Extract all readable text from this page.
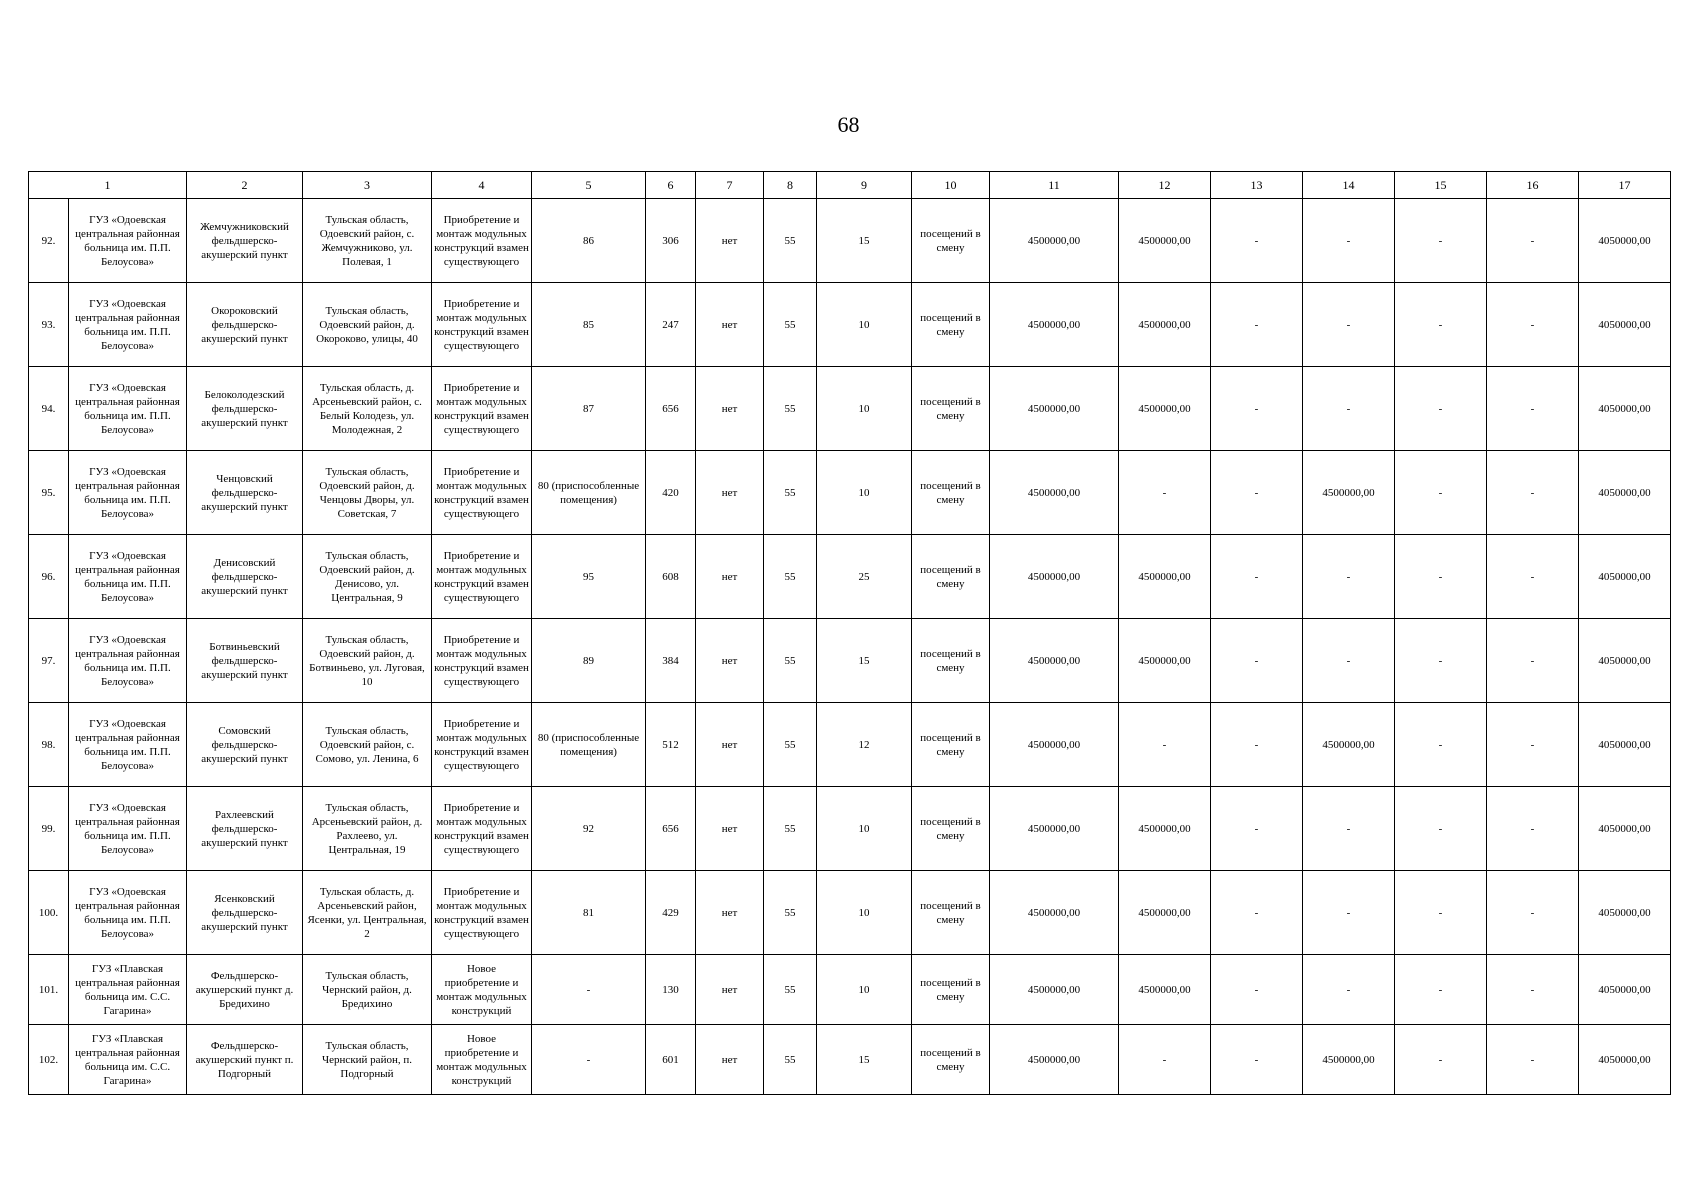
68
1		2	3	4	5	6	7	8	9	10	11	12	13	14	15	16	17
92.	ГУЗ «Одоевская центральная районная больница им. П.П. Белоусова»	Жемчужниковский фельдшерско-акушерский пункт	Тульская область, Одоевский район, с. Жемчужниково, ул. Полевая, 1	Приобретение и монтаж модульных конструкций взамен существующего	86	306	нет	55	15	посещений в смену	4500000,00	4500000,00	-	-	-	-	4050000,00
93.	ГУЗ «Одоевская центральная районная больница им. П.П. Белоусова»	Окороковский фельдшерско-акушерский пункт	Тульская область, Одоевский район, д. Окороково, улицы, 40	Приобретение и монтаж модульных конструкций взамен существующего	85	247	нет	55	10	посещений в смену	4500000,00	4500000,00	-	-	-	-	4050000,00
94.	ГУЗ «Одоевская центральная районная больница им. П.П. Белоусова»	Белоколодезский фельдшерско-акушерский пункт	Тульская область, д. Арсеньевский район, с. Белый Колодезь, ул. Молодежная, 2	Приобретение и монтаж модульных конструкций взамен существующего	87	656	нет	55	10	посещений в смену	4500000,00	4500000,00	-	-	-	-	4050000,00
95.	ГУЗ «Одоевская центральная районная больница им. П.П. Белоусова»	Ченцовский фельдшерско-акушерский пункт	Тульская область, Одоевский район, д. Ченцовы Дворы, ул. Советская, 7	Приобретение и монтаж модульных конструкций взамен существующего	80 (приспособленные помещения)	420	нет	55	10	посещений в смену	4500000,00	-	-	4500000,00	-	-	4050000,00
96.	ГУЗ «Одоевская центральная районная больница им. П.П. Белоусова»	Денисовский фельдшерско-акушерский пункт	Тульская область, Одоевский район, д. Денисово, ул. Центральная, 9	Приобретение и монтаж модульных конструкций взамен существующего	95	608	нет	55	25	посещений в смену	4500000,00	4500000,00	-	-	-	-	4050000,00
97.	ГУЗ «Одоевская центральная районная больница им. П.П. Белоусова»	Ботвиньевский фельдшерско-акушерский пункт	Тульская область, Одоевский район, д. Ботвиньево, ул. Луговая, 10	Приобретение и монтаж модульных конструкций взамен существующего	89	384	нет	55	15	посещений в смену	4500000,00	4500000,00	-	-	-	-	4050000,00
98.	ГУЗ «Одоевская центральная районная больница им. П.П. Белоусова»	Сомовский фельдшерско-акушерский пункт	Тульская область, Одоевский район, с. Сомово, ул. Ленина, 6	Приобретение и монтаж модульных конструкций взамен существующего	80 (приспособленные помещения)	512	нет	55	12	посещений в смену	4500000,00	-	-	4500000,00	-	-	4050000,00
99.	ГУЗ «Одоевская центральная районная больница им. П.П. Белоусова»	Рахлеевский фельдшерско-акушерский пункт	Тульская область, Арсеньевский район, д. Рахлеево, ул. Центральная, 19	Приобретение и монтаж модульных конструкций взамен существующего	92	656	нет	55	10	посещений в смену	4500000,00	4500000,00	-	-	-	-	4050000,00
100.	ГУЗ «Одоевская центральная районная больница им. П.П. Белоусова»	Ясенковский фельдшерско-акушерский пункт	Тульская область, д. Арсеньевский район, Ясенки, ул. Центральная, 2	Приобретение и монтаж модульных конструкций взамен существующего	81	429	нет	55	10	посещений в смену	4500000,00	4500000,00	-	-	-	-	4050000,00
101.	ГУЗ «Плавская центральная районная больница им. С.С. Гагарина»	Фельдшерско-акушерский пункт д. Бредихино	Тульская область, Чернский район, д. Бредихино	Новое приобретение и монтаж модульных конструкций	-	130	нет	55	10	посещений в смену	4500000,00	4500000,00	-	-	-	-	4050000,00
102.	ГУЗ «Плавская центральная районная больница им. С.С. Гагарина»	Фельдшерско-акушерский пункт п. Подгорный	Тульская область, Чернский район, п. Подгорный	Новое приобретение и монтаж модульных конструкций	-	601	нет	55	15	посещений в смену	4500000,00	-	-	4500000,00	-	-	4050000,00
